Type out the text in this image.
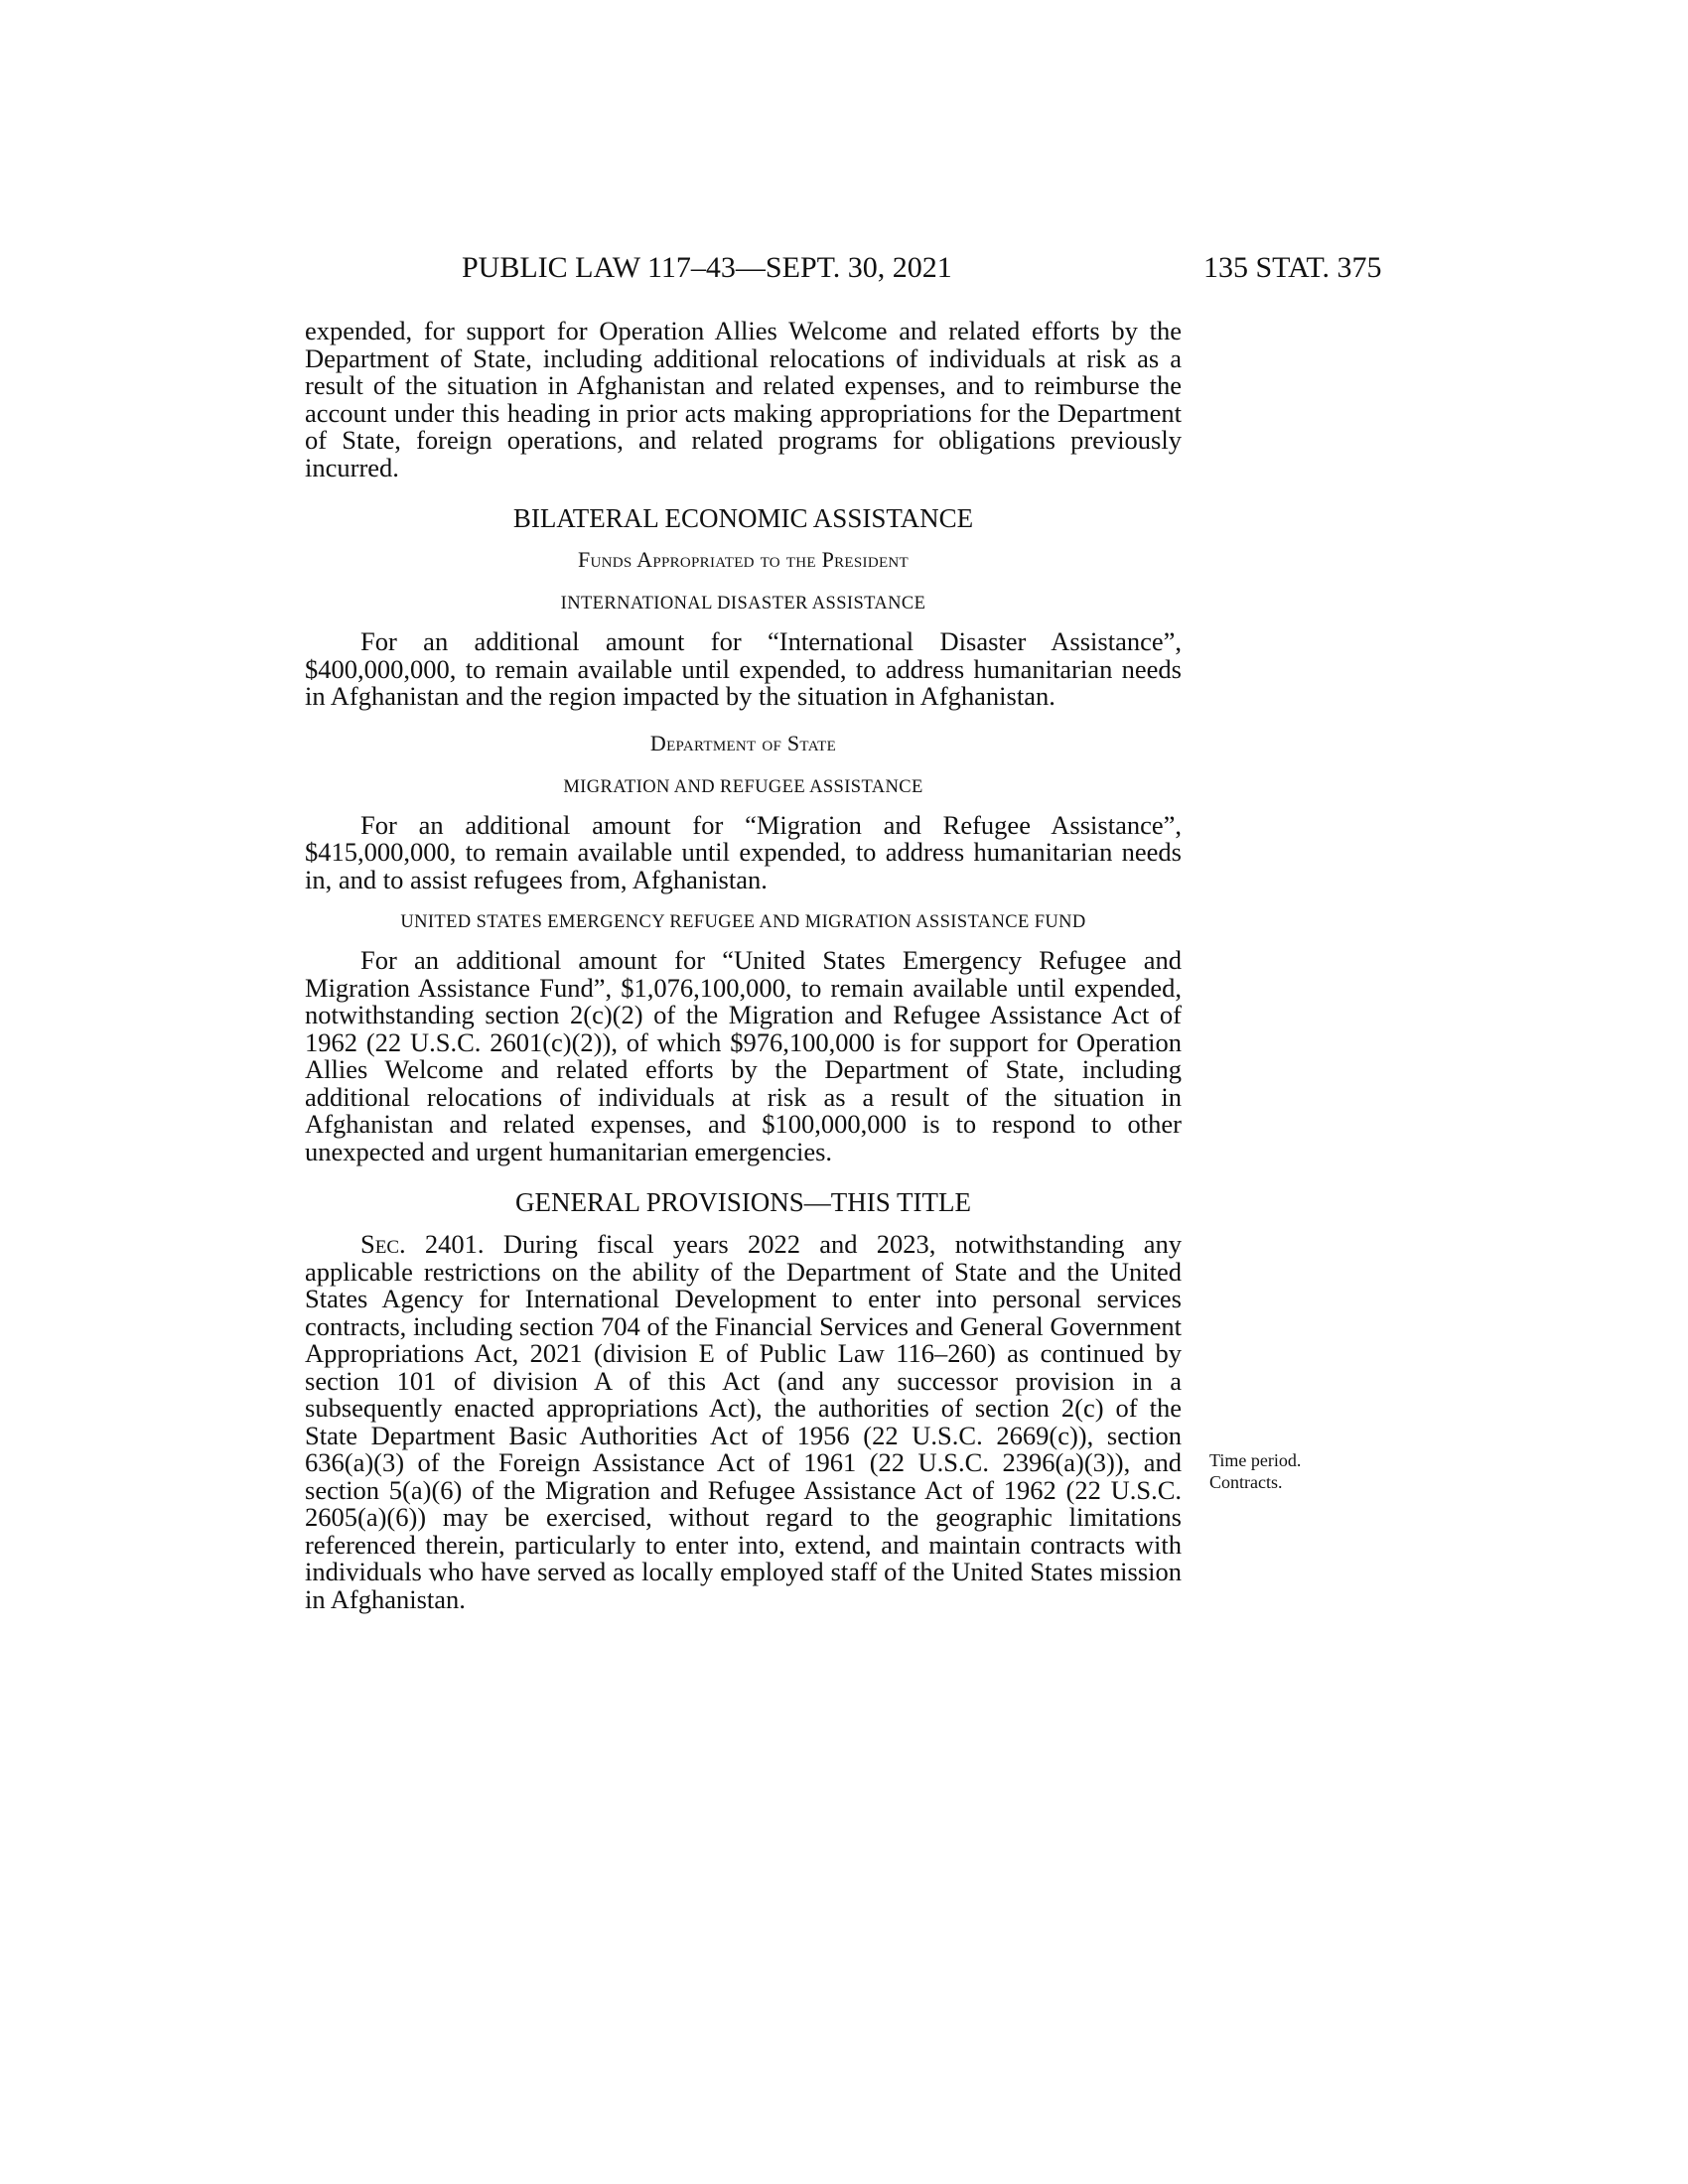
PUBLIC LAW 117–43—SEPT. 30, 2021	135 STAT. 375

expended, for support for Operation Allies Welcome and related efforts by the Department of State, including additional relocations of individuals at risk as a result of the situation in Afghanistan and related expenses, and to reimburse the account under this heading in prior acts making appropriations for the Department of State, foreign operations, and related programs for obligations previously incurred.

BILATERAL ECONOMIC ASSISTANCE
Funds Appropriated to the President
INTERNATIONAL DISASTER ASSISTANCE

For an additional amount for “International Disaster Assistance”, $400,000,000, to remain available until expended, to address humanitarian needs in Afghanistan and the region impacted by the situation in Afghanistan.

Department of State
MIGRATION AND REFUGEE ASSISTANCE

For an additional amount for “Migration and Refugee Assistance”, $415,000,000, to remain available until expended, to address humanitarian needs in, and to assist refugees from, Afghanistan.

UNITED STATES EMERGENCY REFUGEE AND MIGRATION ASSISTANCE FUND

For an additional amount for “United States Emergency Refugee and Migration Assistance Fund”, $1,076,100,000, to remain available until expended, notwithstanding section 2(c)(2) of the Migration and Refugee Assistance Act of 1962 (22 U.S.C. 2601(c)(2)), of which $976,100,000 is for support for Operation Allies Welcome and related efforts by the Department of State, including additional relocations of individuals at risk as a result of the situation in Afghanistan and related expenses, and $100,000,000 is to respond to other unexpected and urgent humanitarian emergencies.

GENERAL PROVISIONS—THIS TITLE

Sec. 2401. During fiscal years 2022 and 2023, notwithstanding any applicable restrictions on the ability of the Department of State and the United States Agency for International Development to enter into personal services contracts, including section 704 of the Financial Services and General Government Appropriations Act, 2021 (division E of Public Law 116–260) as continued by section 101 of division A of this Act (and any successor provision in a subsequently enacted appropriations Act), the authorities of section 2(c) of the State Department Basic Authorities Act of 1956 (22 U.S.C. 2669(c)), section 636(a)(3) of the Foreign Assistance Act of 1961 (22 U.S.C. 2396(a)(3)), and section 5(a)(6) of the Migration and Refugee Assistance Act of 1962 (22 U.S.C. 2605(a)(6)) may be exercised, without regard to the geographic limitations referenced therein, particularly to enter into, extend, and maintain contracts with individuals who have served as locally employed staff of the United States mission in Afghanistan.

Time period.
Contracts.
